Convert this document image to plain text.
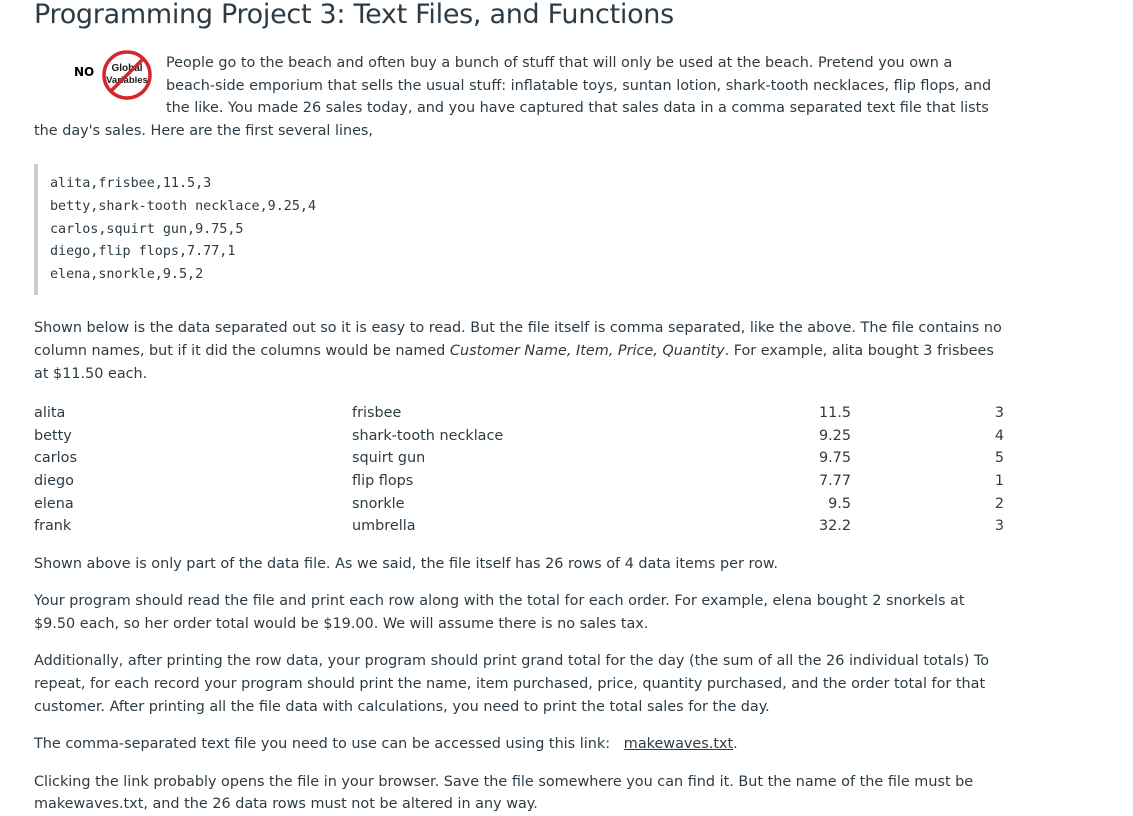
Programming Project 3: Text Files, and Functions

NO Global
Variables
People go to the beach and often buy a bunch of stuff that will only be used at the beach. Pretend you own a beach-side emporium that sells the usual stuff: inflatable toys, suntan lotion, shark-tooth necklaces, flip flops, and the like. You made 26 sales today, and you have captured that sales data in a comma separated text file that lists the day's sales. Here are the first several lines,

alita,frisbee,11.5,3
betty,shark-tooth necklace,9.25,4
carlos,squirt gun,9.75,5
diego,flip flops,7.77,1
elena,snorkle,9.5,2

Shown below is the data separated out so it is easy to read. But the file itself is comma separated, like the above. The file contains no column names, but if it did the columns would be named Customer Name, Item, Price, Quantity. For example, alita bought 3 frisbees at $11.50 each.

alita	frisbee	11.5	3
betty	shark-tooth necklace	9.25	4
carlos	squirt gun	9.75	5
diego	flip flops	7.77	1
elena	snorkle	9.5	2
frank	umbrella	32.2	3

Shown above is only part of the data file. As we said, the file itself has 26 rows of 4 data items per row.

Your program should read the file and print each row along with the total for each order. For example, elena bought 2 snorkels at $9.50 each, so her order total would be $19.00. We will assume there is no sales tax.

Additionally, after printing the row data, your program should print grand total for the day (the sum of all the 26 individual totals) To repeat, for each record your program should print the name, item purchased, price, quantity purchased, and the order total for that customer. After printing all the file data with calculations, you need to print the total sales for the day.

The comma-separated text file you need to use can be accessed using this link: makewaves.txt.

Clicking the link probably opens the file in your browser. Save the file somewhere you can find it. But the name of the file must be makewaves.txt, and the 26 data rows must not be altered in any way.
